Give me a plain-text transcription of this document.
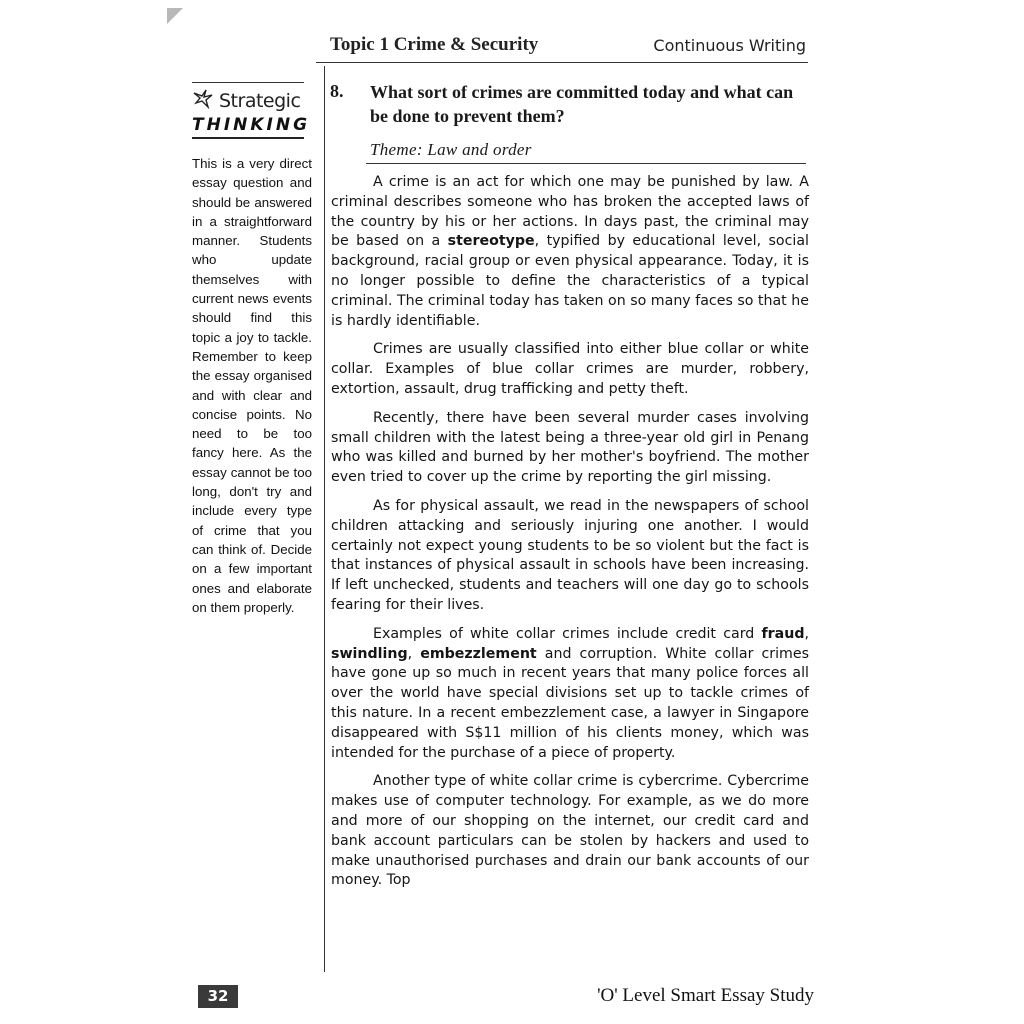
Topic 1 Crime & Security	Continuous Writing
Strategic
THINKING
This is a very direct essay question and should be answered in a straightforward manner. Students who update themselves with current news events should find this topic a joy to tackle. Remember to keep the essay organised and with clear and concise points. No need to be too fancy here. As the essay cannot be too long, don't try and include every type of crime that you can think of. Decide on a few important ones and elaborate on them properly.
8. What sort of crimes are committed today and what can be done to prevent them?
Theme: Law and order

A crime is an act for which one may be punished by law. A criminal describes someone who has broken the accepted laws of the country by his or her actions. In days past, the criminal may be based on a stereotype, typified by educational level, social background, racial group or even physical appearance. Today, it is no longer possible to define the characteristics of a typical criminal. The criminal today has taken on so many faces so that he is hardly identifiable.

Crimes are usually classified into either blue collar or white collar. Examples of blue collar crimes are murder, robbery, extortion, assault, drug trafficking and petty theft.

Recently, there have been several murder cases involving small children with the latest being a three-year old girl in Penang who was killed and burned by her mother's boyfriend. The mother even tried to cover up the crime by reporting the girl missing.

As for physical assault, we read in the newspapers of school children attacking and seriously injuring one another. I would certainly not expect young students to be so violent but the fact is that instances of physical assault in schools have been increasing. If left unchecked, students and teachers will one day go to schools fearing for their lives.

Examples of white collar crimes include credit card fraud, swindling, embezzlement and corruption. White collar crimes have gone up so much in recent years that many police forces all over the world have special divisions set up to tackle crimes of this nature. In a recent embezzlement case, a lawyer in Singapore disappeared with S$11 million of his clients money, which was intended for the purchase of a piece of property.

Another type of white collar crime is cybercrime. Cybercrime makes use of computer technology. For example, as we do more and more of our shopping on the internet, our credit card and bank account particulars can be stolen by hackers and used to make unauthorised purchases and drain our bank accounts of our money. Top

32	'O' Level Smart Essay Study
